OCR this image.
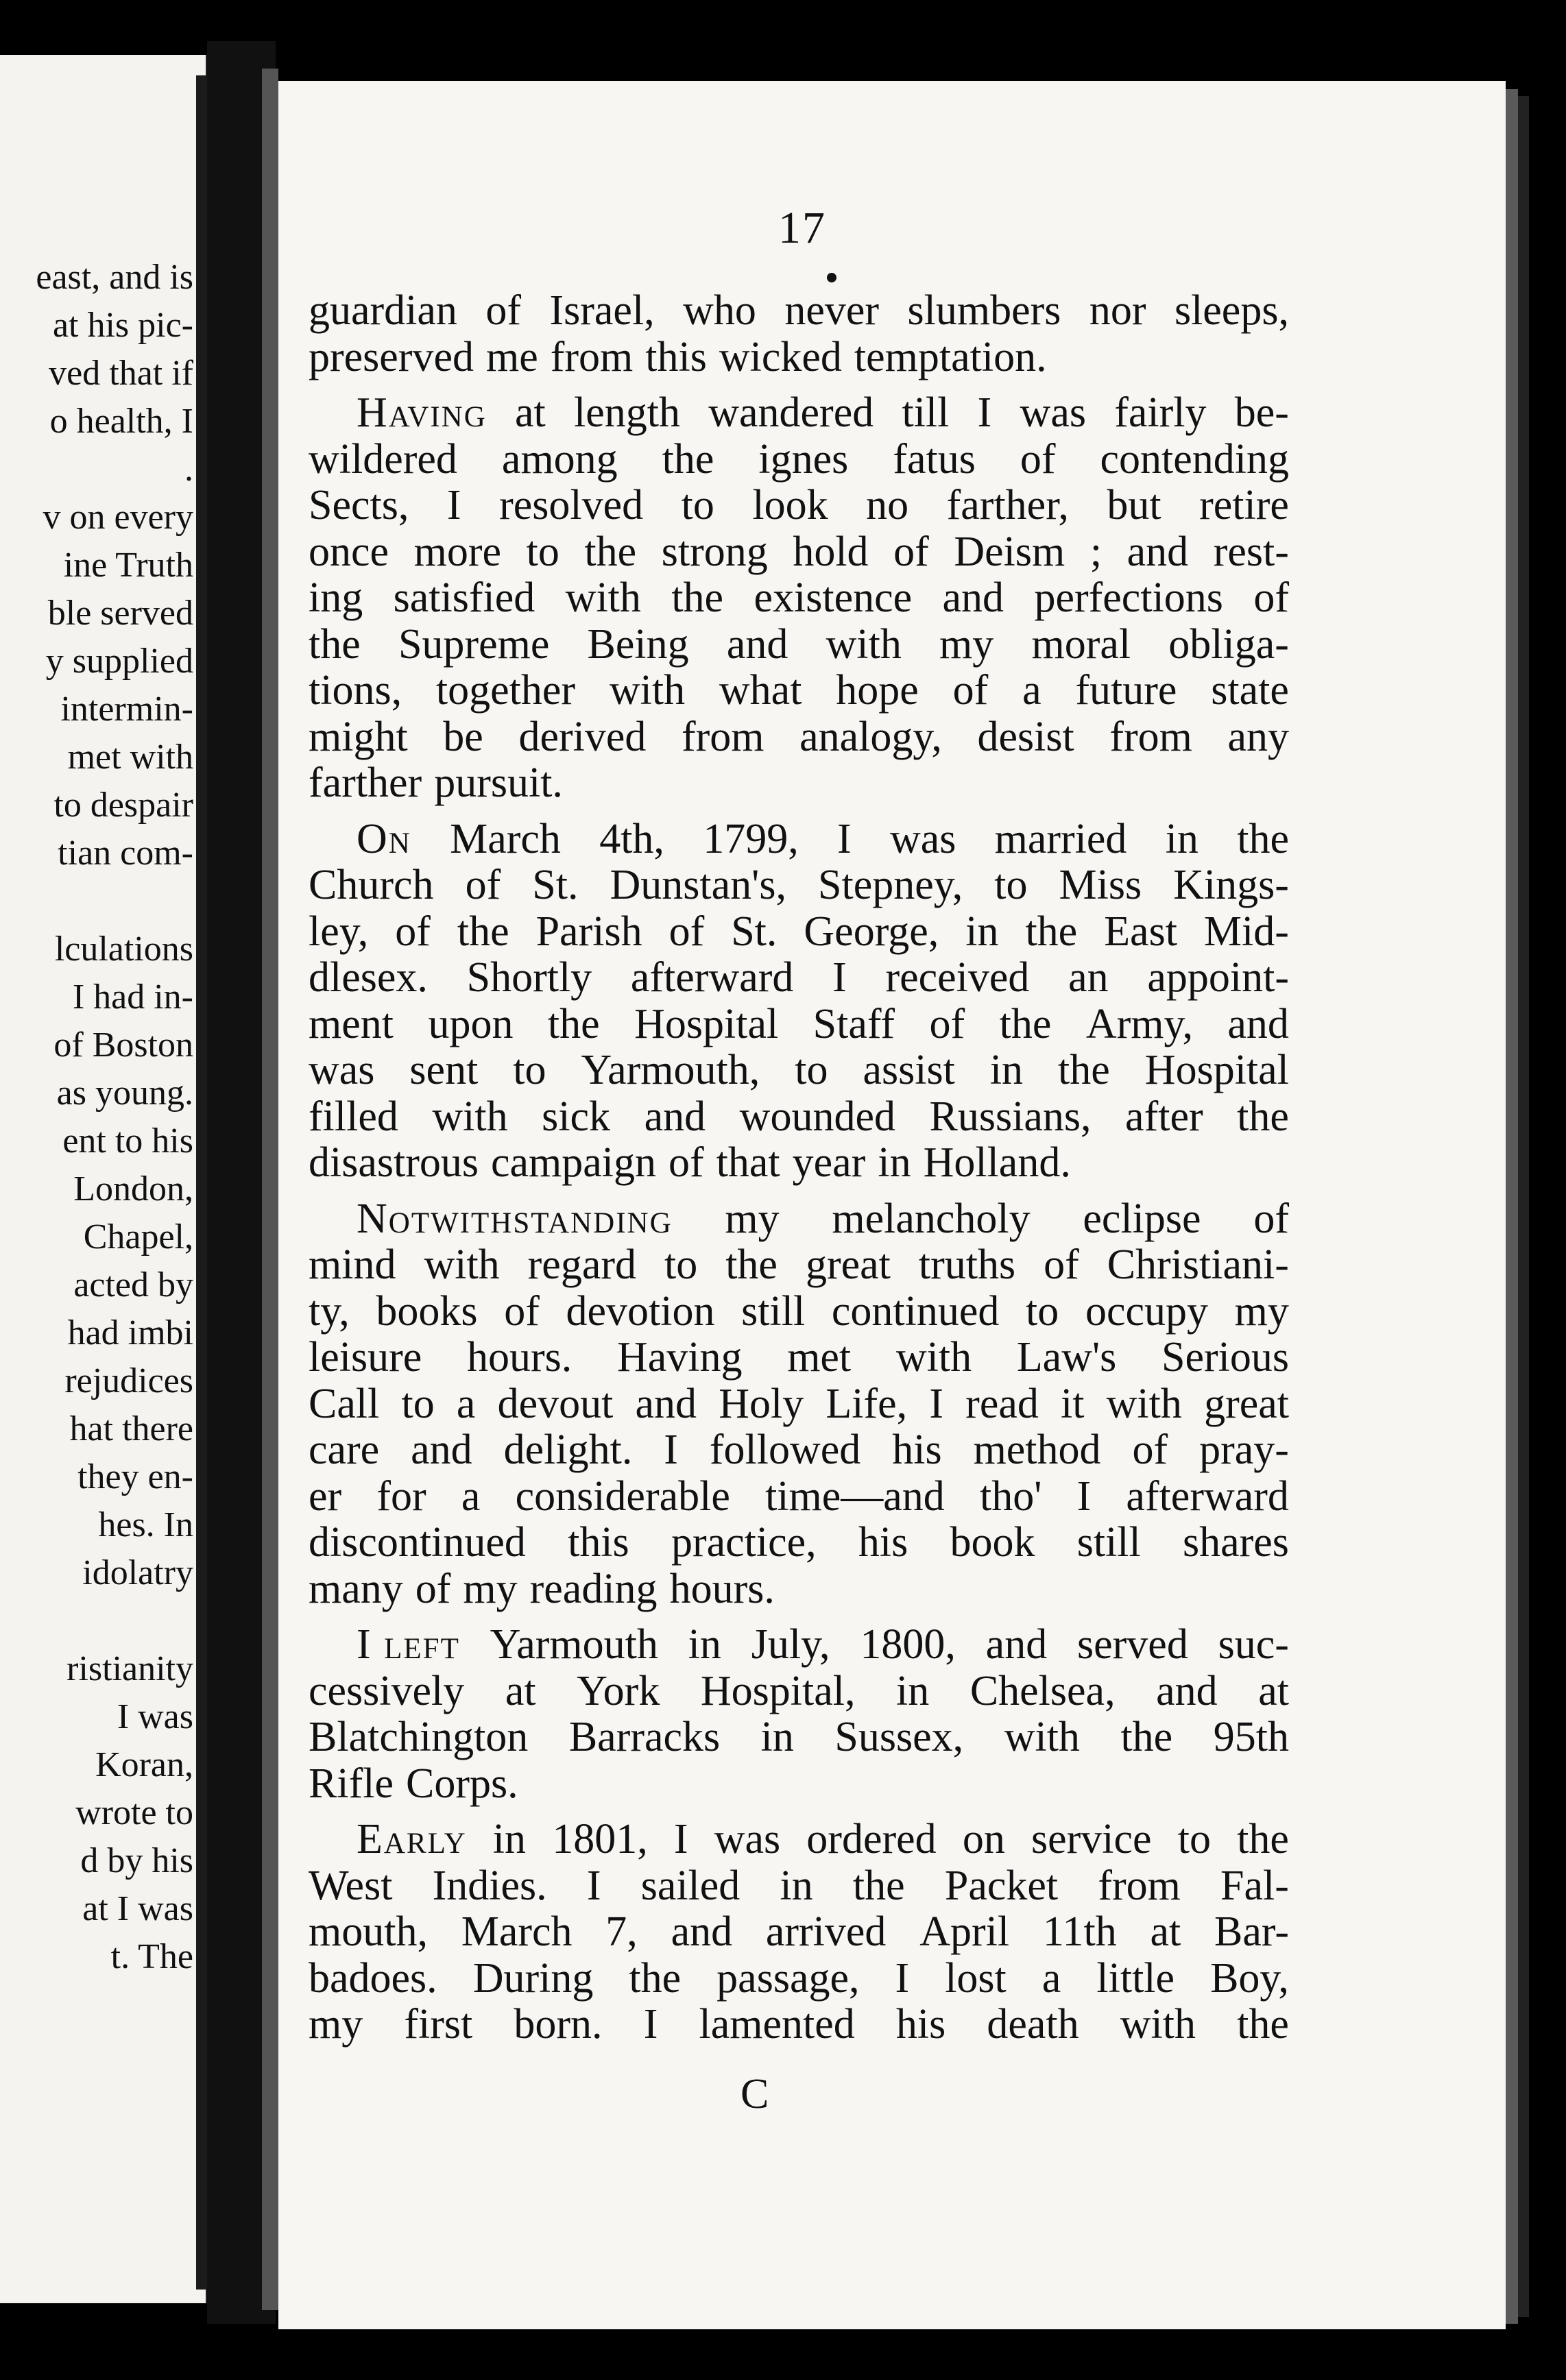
east, and is
at his pic-
ved that if
o health, I
.
v on every
ine Truth
ble served
y supplied
intermin-
met with
to despair
tian com-
lculations
I had in-
of Boston
as young.
ent to his
London,
Chapel,
acted by
had imbi
rejudices
hat there
they en-
hes. In
idolatry
ristianity
I was
Koran,
wrote to
d by his
at I was
t. The
17
guardian of Israel, who never slumbers nor sleeps,
preserved me from this wicked temptation.
Having at length wandered till I was fairly be-
wildered among the ignes fatus of contending
Sects, I resolved to look no farther, but retire
once more to the strong hold of Deism ; and rest-
ing satisfied with the existence and perfections of
the Supreme Being and with my moral obliga-
tions, together with what hope of a future state
might be derived from analogy, desist from any
farther pursuit.
On March 4th, 1799, I was married in the
Church of St. Dunstan's, Stepney, to Miss Kings-
ley, of the Parish of St. George, in the East Mid-
dlesex. Shortly afterward I received an appoint-
ment upon the Hospital Staff of the Army, and
was sent to Yarmouth, to assist in the Hospital
filled with sick and wounded Russians, after the
disastrous campaign of that year in Holland.
Notwithstanding my melancholy eclipse of
mind with regard to the great truths of Christiani-
ty, books of devotion still continued to occupy my
leisure hours. Having met with Law's Serious
Call to a devout and Holy Life, I read it with great
care and delight. I followed his method of pray-
er for a considerable time—and tho' I afterward
discontinued this practice, his book still shares
many of my reading hours.
I left Yarmouth in July, 1800, and served suc-
cessively at York Hospital, in Chelsea, and at
Blatchington Barracks in Sussex, with the 95th
Rifle Corps.
Early in 1801, I was ordered on service to the
West Indies. I sailed in the Packet from Fal-
mouth, March 7, and arrived April 11th at Bar-
badoes. During the passage, I lost a little Boy,
my first born. I lamented his death with the
C
